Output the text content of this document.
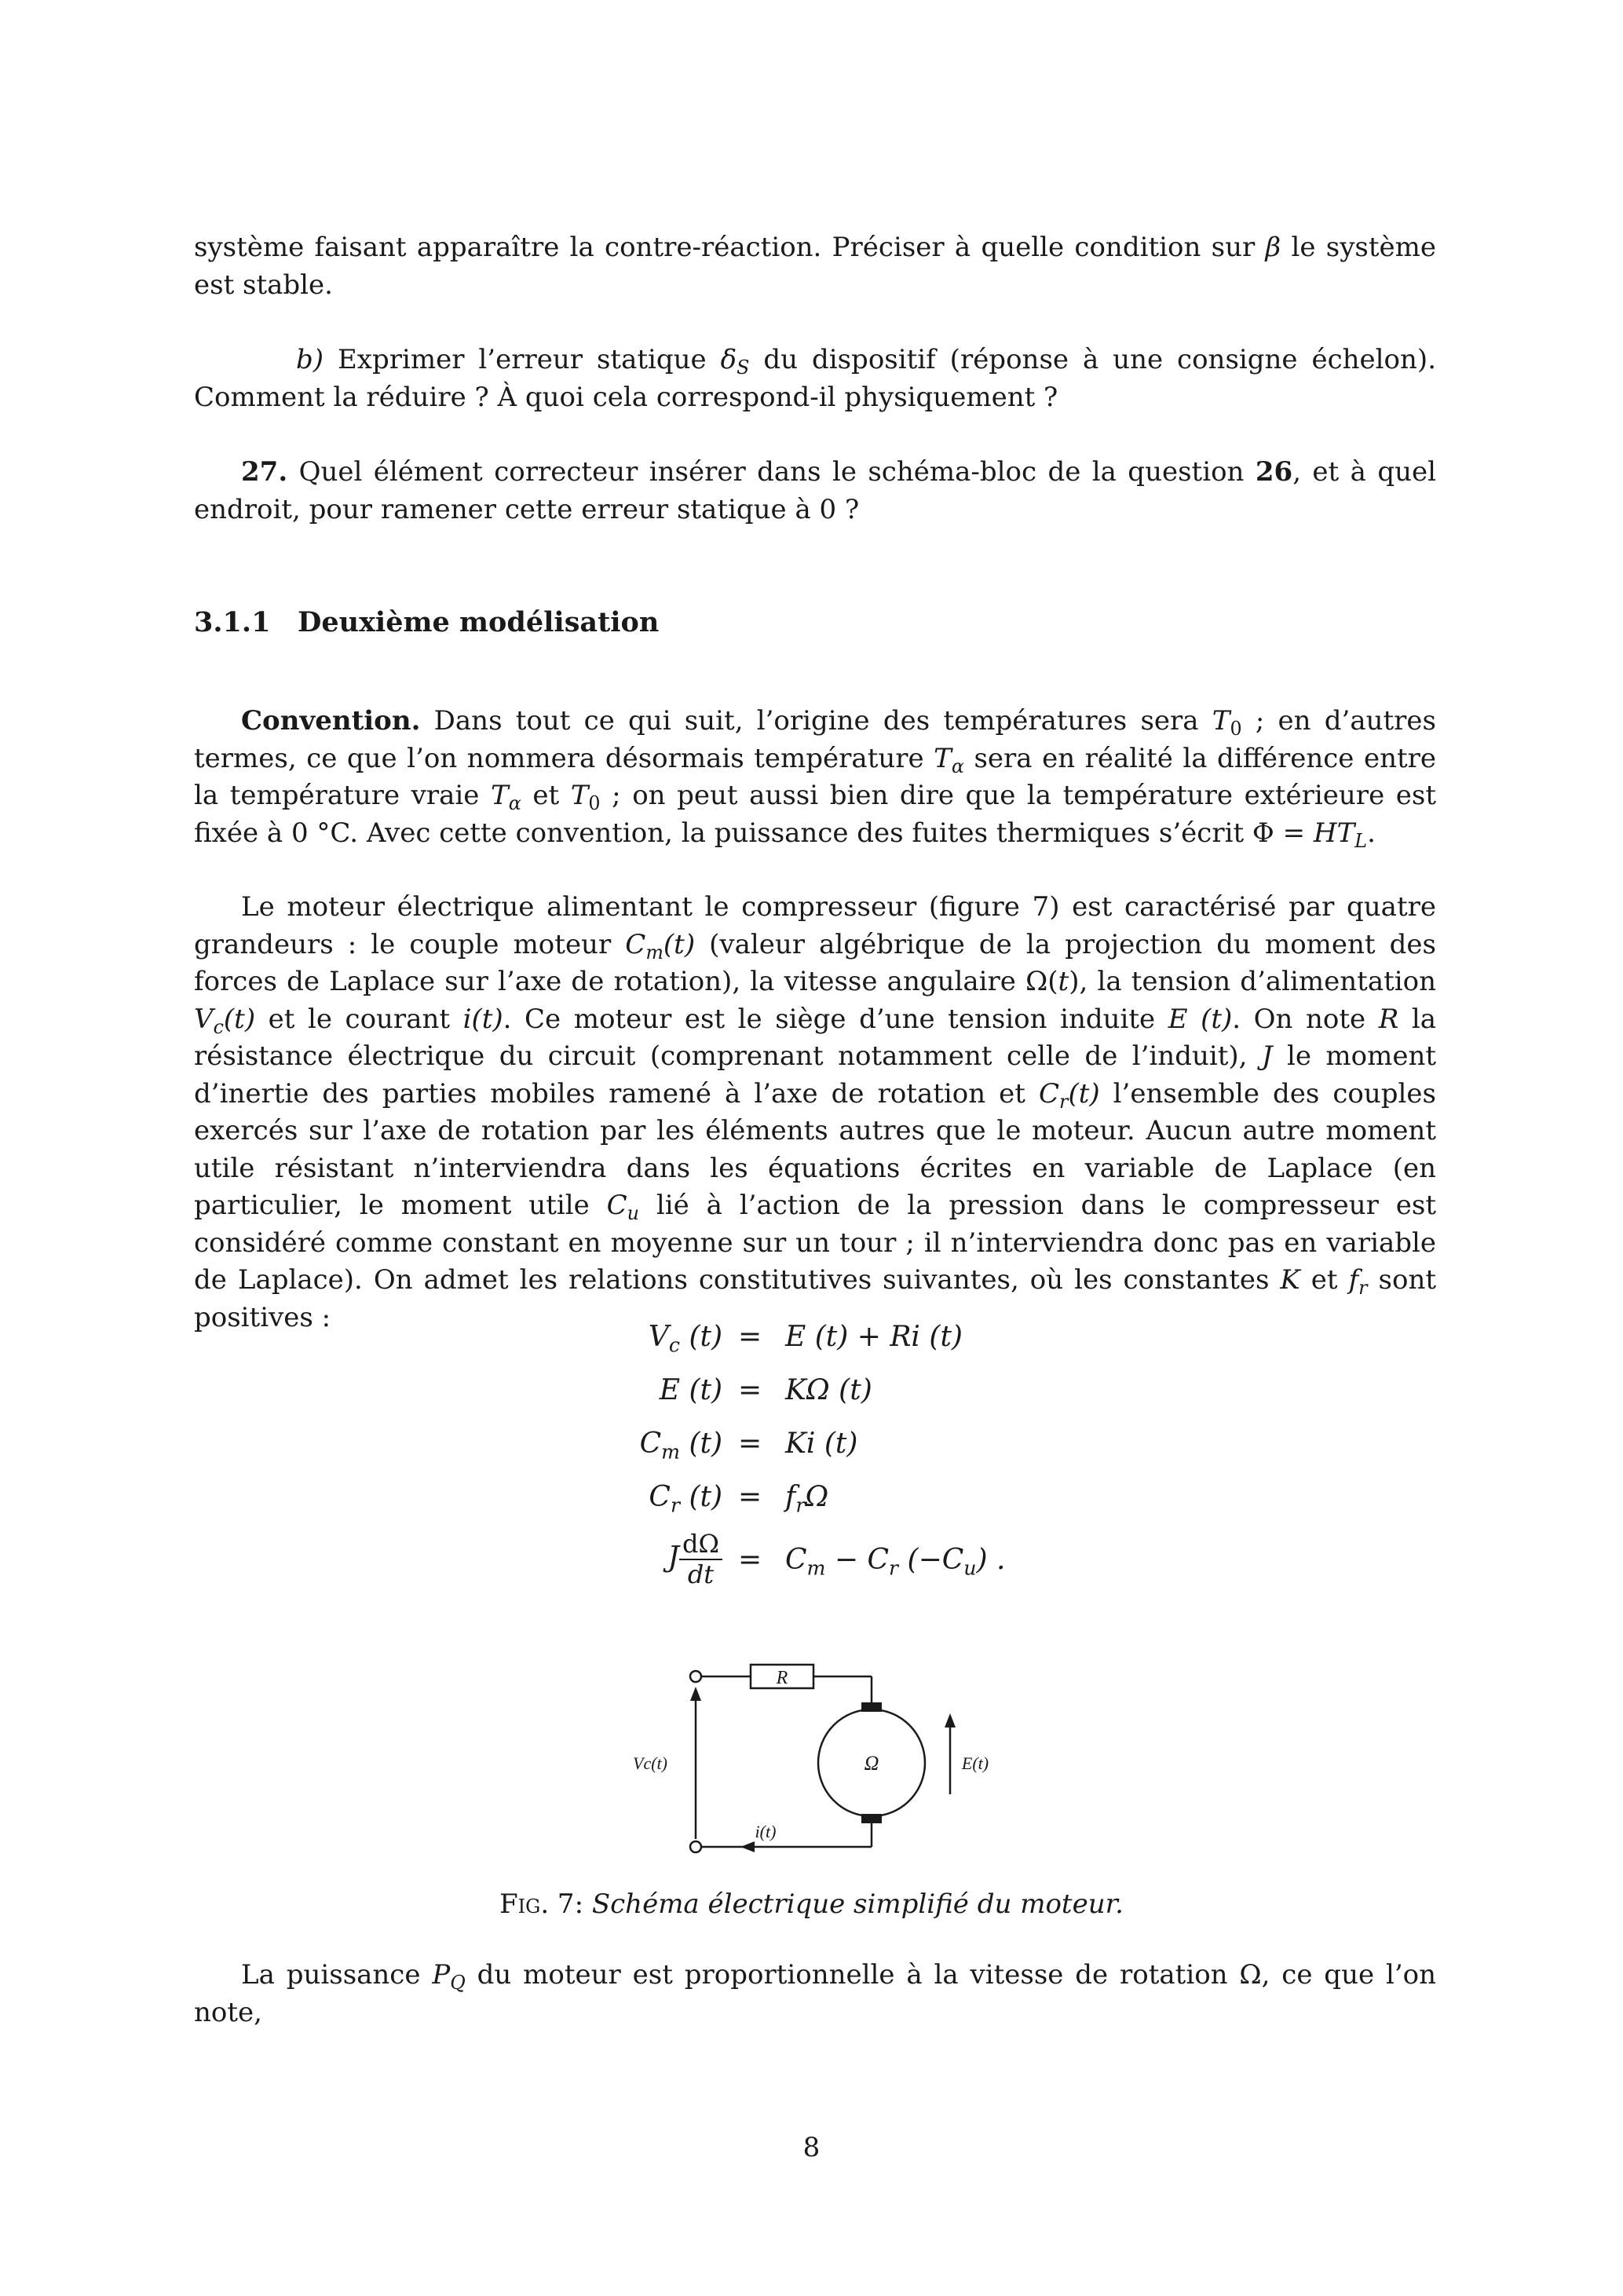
système faisant apparaître la contre-réaction. Préciser à quelle condition sur β le système est stable.
b) Exprimer l’erreur statique $\delta_S$ du dispositif (réponse à une consigne échelon). Comment la réduire ? À quoi cela correspond-il physiquement ?
27. Quel élément correcteur insérer dans le schéma-bloc de la question 26, et à quel endroit, pour ramener cette erreur statique à 0 ?
3.1.1 Deuxième modélisation
Convention. Dans tout ce qui suit, l’origine des températures sera $T_0$ ; en d’autres termes, ce que l’on nommera désormais température $T_\alpha$ sera en réalité la différence entre la température vraie $T_\alpha$ et $T_0$ ; on peut aussi bien dire que la température extérieure est fixée à 0 °C. Avec cette convention, la puissance des fuites thermiques s’écrit $\Phi = HT_L$.
Le moteur électrique alimentant le compresseur (figure 7) est caractérisé par quatre grandeurs : le couple moteur $C_m(t)$ (valeur algébrique de la projection du moment des forces de Laplace sur l’axe de rotation), la vitesse angulaire Ω(t), la tension d’alimentation $V_c(t)$ et le courant i(t). Ce moteur est le siège d’une tension induite E (t). On note R la résistance électrique du circuit (comprenant notamment celle de l’induit), J le moment d’inertie des parties mobiles ramené à l’axe de rotation et $C_r(t)$ l’ensemble des couples exercés sur l’axe de rotation par les éléments autres que le moteur. Aucun autre moment utile résistant n’interviendra dans les équations écrites en variable de Laplace (en particulier, le moment utile $C_u$ lié à l’action de la pression dans le compresseur est considéré comme constant en moyenne sur un tour ; il n’interviendra donc pas en variable de Laplace). On admet les relations constitutives suivantes, où les constantes K et $f_r$ sont positives :
$V_c$ (t) = E (t) + Ri (t)
E (t) = KΩ (t)
$C_m$ (t) = Ki (t)
$C_r$ $(t) = f_r\Omega$
J $\frac{d\Omega}{dt} = C_m - C_r$ $(-C_u)$ .
R
Ω
Vc(t)
i(t)
E(t)
Fig. 7: Schéma électrique simplifié du moteur.
La puissance $P_Q$ du moteur est proportionnelle à la vitesse de rotation Ω, ce que l’on note,
8
